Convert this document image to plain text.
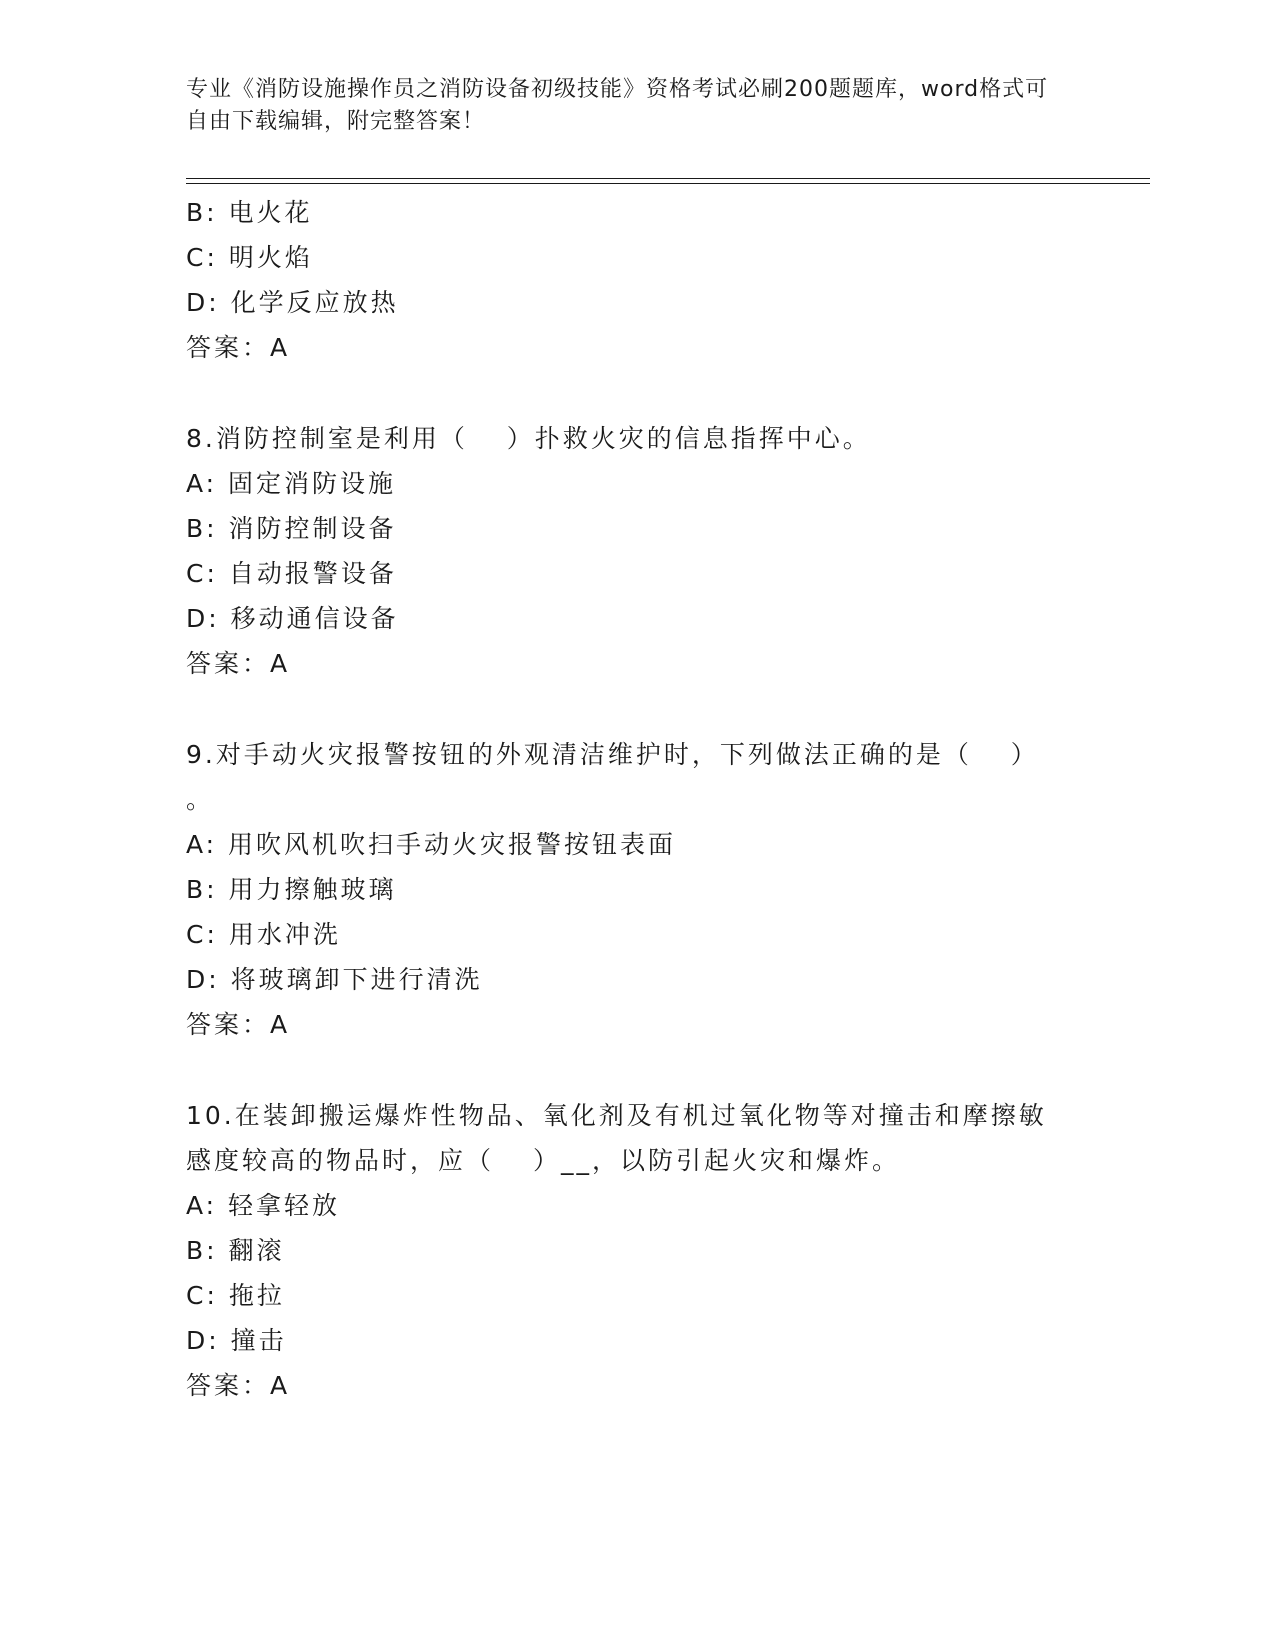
专业《消防设施操作员之消防设备初级技能》资格考试必刷200题题库，word格式可自由下载编辑，附完整答案！
B: 电火花
C: 明火焰
D: 化学反应放热
答案：A
8.消防控制室是利用（　 ）扑救火灾的信息指挥中心。
A: 固定消防设施
B: 消防控制设备
C: 自动报警设备
D: 移动通信设备
答案：A
9.对手动火灾报警按钮的外观清洁维护时，下列做法正确的是（　 ）
。
A: 用吹风机吹扫手动火灾报警按钮表面
B: 用力擦触玻璃
C: 用水冲洗
D: 将玻璃卸下进行清洗
答案：A
10.在装卸搬运爆炸性物品、氧化剂及有机过氧化物等对撞击和摩擦敏
感度较高的物品时，应（　 ）__，以防引起火灾和爆炸。
A: 轻拿轻放
B: 翻滚
C: 拖拉
D: 撞击
答案：A
